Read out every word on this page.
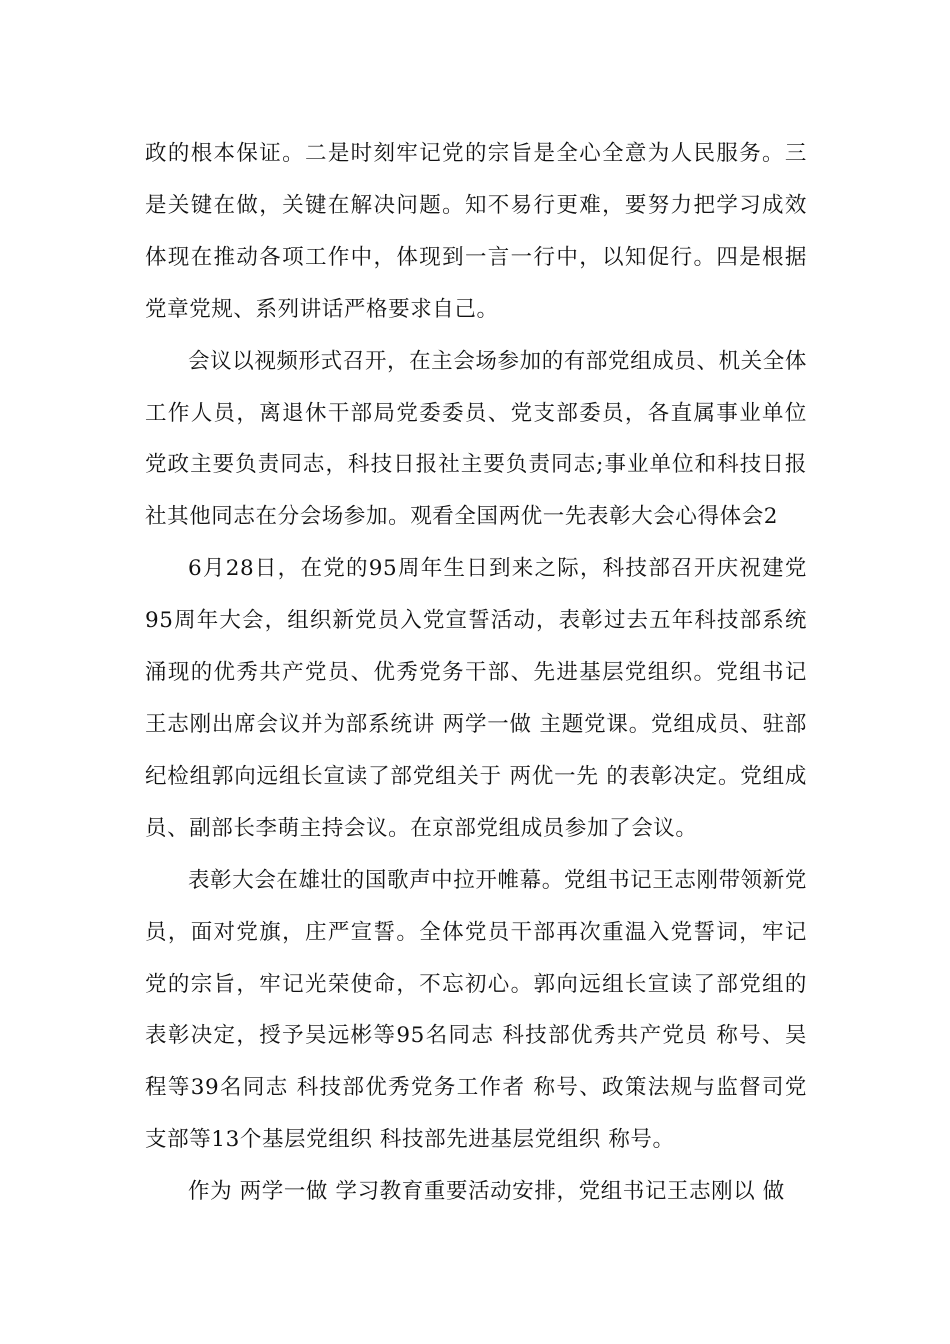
政的根本保证。二是时刻牢记党的宗旨是全心全意为人民服务。三是关键在做，关键在解决问题。知不易行更难，要努力把学习成效体现在推动各项工作中，体现到一言一行中，以知促行。四是根据党章党规、系列讲话严格要求自己。

会议以视频形式召开，在主会场参加的有部党组成员、机关全体工作人员，离退休干部局党委委员、党支部委员，各直属事业单位党政主要负责同志，科技日报社主要负责同志;事业单位和科技日报社其他同志在分会场参加。观看全国两优一先表彰大会心得体会2

6月28日，在党的95周年生日到来之际，科技部召开庆祝建党95周年大会，组织新党员入党宣誓活动，表彰过去五年科技部系统涌现的优秀共产党员、优秀党务干部、先进基层党组织。党组书记王志刚出席会议并为部系统讲 两学一做 主题党课。党组成员、驻部纪检组郭向远组长宣读了部党组关于 两优一先 的表彰决定。党组成员、副部长李萌主持会议。在京部党组成员参加了会议。

表彰大会在雄壮的国歌声中拉开帷幕。党组书记王志刚带领新党员，面对党旗，庄严宣誓。全体党员干部再次重温入党誓词，牢记党的宗旨，牢记光荣使命，不忘初心。郭向远组长宣读了部党组的表彰决定，授予吴远彬等95名同志 科技部优秀共产党员 称号、吴程等39名同志 科技部优秀党务工作者 称号、政策法规与监督司党支部等13个基层党组织 科技部先进基层党组织 称号。

作为 两学一做 学习教育重要活动安排，党组书记王志刚以 做
